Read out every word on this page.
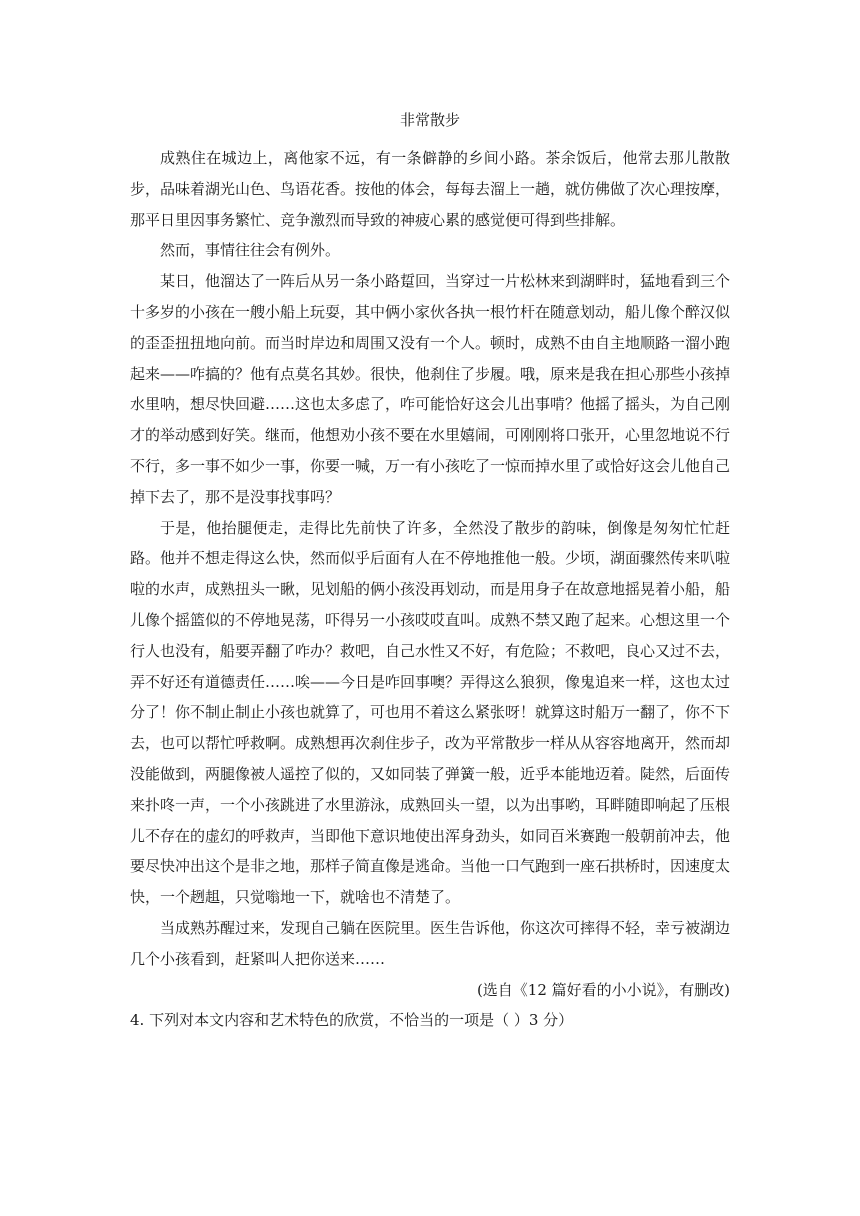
非常散步

成熟住在城边上，离他家不远，有一条僻静的乡间小路。茶余饭后，他常去那儿散散步，品味着湖光山色、鸟语花香。按他的体会，每每去溜上一趟，就仿佛做了次心理按摩，那平日里因事务繁忙、竞争激烈而导致的神疲心累的感觉便可得到些排解。

然而，事情往往会有例外。

某日，他溜达了一阵后从另一条小路踅回，当穿过一片松林来到湖畔时，猛地看到三个十多岁的小孩在一艘小船上玩耍，其中俩小家伙各执一根竹杆在随意划动，船儿像个醉汉似的歪歪扭扭地向前。而当时岸边和周围又没有一个人。顿时，成熟不由自主地顺路一溜小跑起来——咋搞的？他有点莫名其妙。很快，他刹住了步履。哦，原来是我在担心那些小孩掉水里呐，想尽快回避……这也太多虑了，咋可能恰好这会儿出事啃？他摇了摇头，为自己刚才的举动感到好笑。继而，他想劝小孩不要在水里嬉闹，可刚刚将口张开，心里忽地说不行不行，多一事不如少一事，你要一喊，万一有小孩吃了一惊而掉水里了或恰好这会儿他自己掉下去了，那不是没事找事吗？

于是，他抬腿便走，走得比先前快了许多，全然没了散步的韵味，倒像是匆匆忙忙赶路。他并不想走得这么快，然而似乎后面有人在不停地推他一般。少顷，湖面骤然传来叭啦啦的水声，成熟扭头一瞅，见划船的俩小孩没再划动，而是用身子在故意地摇晃着小船，船儿像个摇篮似的不停地晃荡，吓得另一小孩哎哎直叫。成熟不禁又跑了起来。心想这里一个行人也没有，船要弄翻了咋办？救吧，自己水性又不好，有危险；不救吧，良心又过不去，弄不好还有道德责任……唉——今日是咋回事噢？弄得这么狼狈，像鬼追来一样，这也太过分了！你不制止制止小孩也就算了，可也用不着这么紧张呀！就算这时船万一翻了，你不下去，也可以帮忙呼救啊。成熟想再次刹住步子，改为平常散步一样从从容容地离开，然而却没能做到，两腿像被人遥控了似的，又如同装了弹簧一般，近乎本能地迈着。陡然，后面传来扑咚一声，一个小孩跳进了水里游泳，成熟回头一望，以为出事哟，耳畔随即响起了压根儿不存在的虚幻的呼救声，当即他下意识地使出浑身劲头，如同百米赛跑一般朝前冲去，他要尽快冲出这个是非之地，那样子简直像是逃命。当他一口气跑到一座石拱桥时，因速度太快，一个趔趄，只觉嗡地一下，就啥也不清楚了。

当成熟苏醒过来，发现自己躺在医院里。医生告诉他，你这次可摔得不轻，幸亏被湖边几个小孩看到，赶紧叫人把你送来……

(选自《12 篇好看的小小说》，有删改)

4. 下列对本文内容和艺术特色的欣赏，不恰当的一项是（ ）3 分）
